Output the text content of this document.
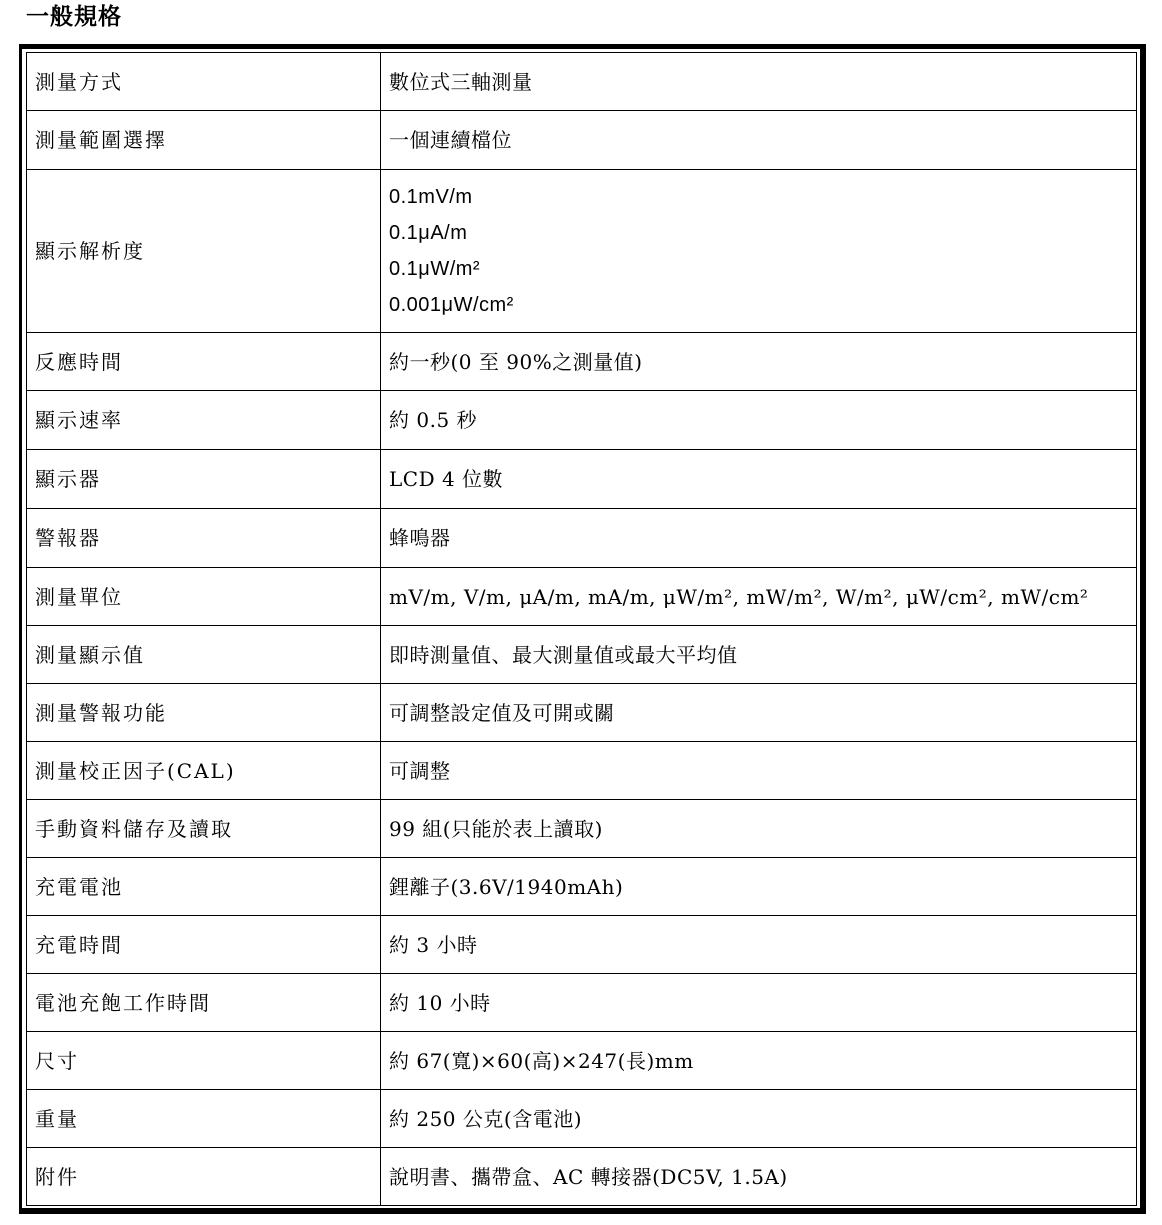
一般規格
測量方式	數位式三軸測量
測量範圍選擇	一個連續檔位
顯示解析度	0.1mV/m
0.1μA/m
0.1μW/m²
0.001μW/cm²

反應時間	約一秒(0 至 90%之測量值)
顯示速率	約 0.5 秒
顯示器	LCD 4 位數
警報器	蜂鳴器
測量單位	mV/m, V/m, μA/m, mA/m, μW/m², mW/m², W/m², μW/cm², mW/cm²
測量顯示值	即時測量值、最大測量值或最大平均值
測量警報功能	可調整設定值及可開或關
測量校正因子(CAL)	可調整
手動資料儲存及讀取	99 組(只能於表上讀取)
充電電池	鋰離子(3.6V/1940mAh)
充電時間	約 3 小時
電池充飽工作時間	約 10 小時
尺寸	約 67(寬)×60(高)×247(長)mm
重量	約 250 公克(含電池)
附件	說明書、攜帶盒、AC 轉接器(DC5V, 1.5A)
